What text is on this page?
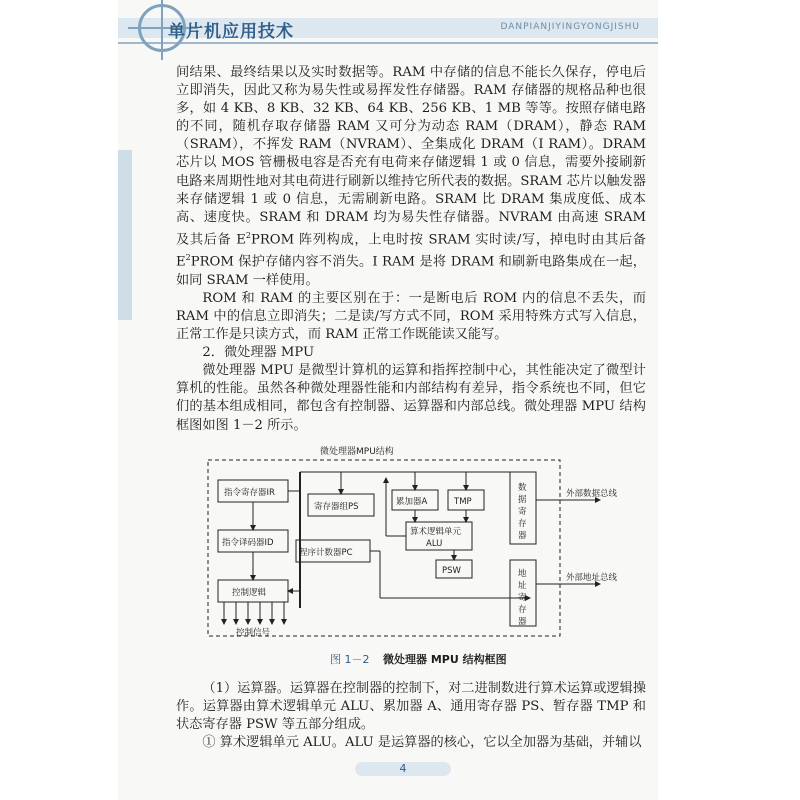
单片机应用技术	DANPIANJIYINGYONGJISHU

间结果、最终结果以及实时数据等。RAM 中存储的信息不能长久保存，停电后立即消失，因此又称为易失性或易挥发性存储器。RAM 存储器的规格品种也很多，如 4 KB、8 KB、32 KB、64 KB、256 KB、1 MB 等等。按照存储电路的不同，随机存取存储器 RAM 又可分为动态 RAM（DRAM），静态 RAM（SRAM），不挥发 RAM（NVRAM）、全集成化 DRAM（I RAM）。DRAM 芯片以 MOS 管栅极电容是否充有电荷来存储逻辑 1 或 0 信息，需要外接刷新电路来周期性地对其电荷进行刷新以维持它所代表的数据。SRAM 芯片以触发器来存储逻辑 1 或 0 信息，无需刷新电路。SRAM 比 DRAM 集成度低、成本高、速度快。SRAM 和 DRAM 均为易失性存储器。NVRAM 由高速 SRAM 及其后备 $E^2PROM$ 阵列构成，上电时按 SRAM 实时读/写，掉电时由其后备 $E^2PROM$ 保护存储内容不消失。I RAM 是将 DRAM 和刷新电路集成在一起，如同 SRAM 一样使用。

ROM 和 RAM 的主要区别在于：一是断电后 ROM 内的信息不丢失，而 RAM 中的信息立即消失；二是读/写方式不同，ROM 采用特殊方式写入信息，正常工作是只读方式，而 RAM 正常工作既能读又能写。

2．微处理器 MPU

微处理器 MPU 是微型计算机的运算和指挥控制中心，其性能决定了微型计算机的性能。虽然各种微处理器性能和内部结构有差异，指令系统也不同，但它们的基本组成相同，都包含有控制器、运算器和内部总线。微处理器 MPU 结构框图如图 1－2 所示。

微处理器MPU结构
指令寄存器IR
指令译码器ID
控制逻辑
控制信号
寄存器组PS
程序计数器PC
累加器A	TMP
算术逻辑单元
ALU
PSW
数据寄存器
外部数据总线
地址寄存器
外部地址总线
图 1－2 微处理器 MPU 结构框图

（1）运算器。运算器在控制器的控制下，对二进制数进行算术运算或逻辑操作。运算器由算术逻辑单元 ALU、累加器 A、通用寄存器 PS、暂存器 TMP 和状态寄存器 PSW 等五部分组成。

① 算术逻辑单元 ALU。ALU 是运算器的核心，它以全加器为基础，并辅以

4
